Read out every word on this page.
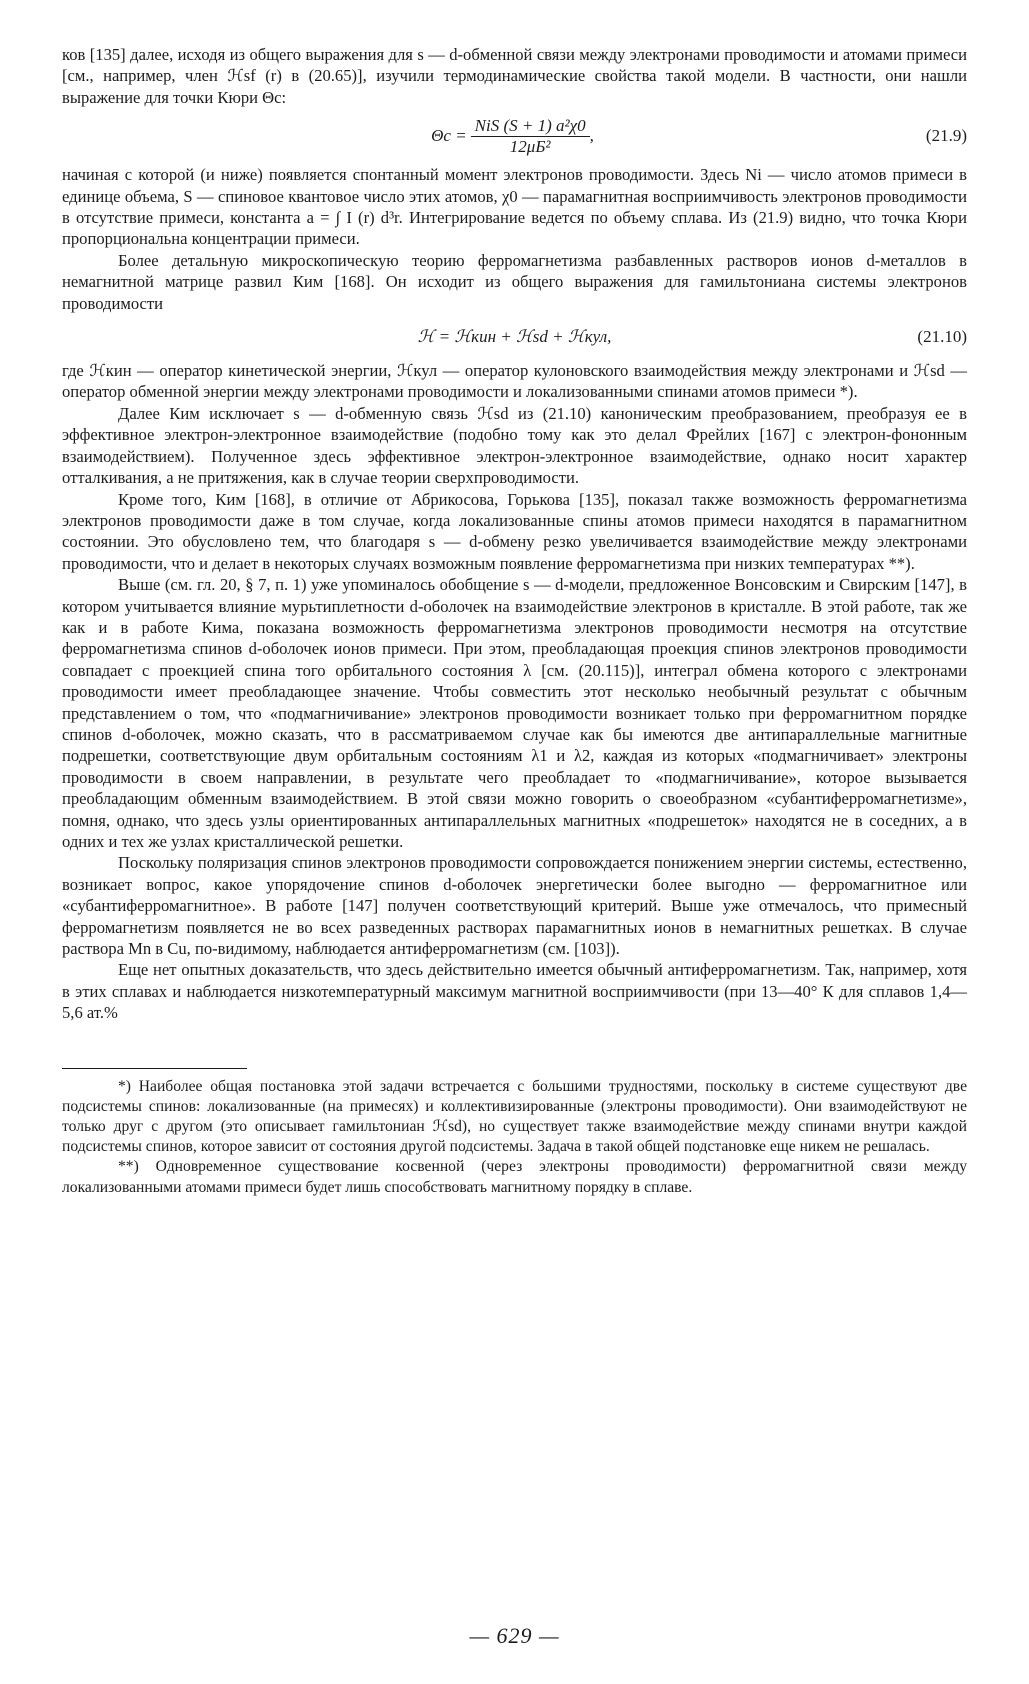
ков [135] далее, исходя из общего выражения для s — d-обменной связи между электронами проводимости и атомами примеси [см., например, член ℋsf (r) в (20.65)], изучили термодинамические свойства такой модели. В частности, они нашли выражение для точки Кюри Θc:

$\Theta c = \frac{\text{NiS (S + 1) a²χ0}}{\text{12μБ²}}$ ,	(21.9)

начиная с которой (и ниже) появляется спонтанный момент электронов проводимости. Здесь Ni — число атомов примеси в единице объема, S — спиновое квантовое число этих атомов, χ0 — парамагнитная восприимчивость электронов проводимости в отсутствие примеси, константа a = ∫ I (r) d³r. Интегрирование ведется по объему сплава. Из (21.9) видно, что точка Кюри пропорциональна концентрации примеси.

Более детальную микроскопическую теорию ферромагнетизма разбавленных растворов ионов d-металлов в немагнитной матрице развил Ким [168]. Он исходит из общего выражения для гамильтониана системы электронов проводимости

ℋ = ℋкин + ℋsd + ℋкул,	(21.10)

где ℋкин — оператор кинетической энергии, ℋкул — оператор кулоновского взаимодействия между электронами и ℋsd — оператор обменной энергии между электронами проводимости и локализованными спинами атомов примеси *).

Далее Ким исключает s — d-обменную связь ℋsd из (21.10) каноническим преобразованием, преобразуя ее в эффективное электрон-электронное взаимодействие (подобно тому как это делал Фрейлих [167] с электрон-фононным взаимодействием). Полученное здесь эффективное электрон-электронное взаимодействие, однако носит характер отталкивания, а не притяжения, как в случае теории сверхпроводимости.

Кроме того, Ким [168], в отличие от Абрикосова, Горькова [135], показал также возможность ферромагнетизма электронов проводимости даже в том случае, когда локализованные спины атомов примеси находятся в парамагнитном состоянии. Это обусловлено тем, что благодаря s — d-обмену резко увеличивается взаимодействие между электронами проводимости, что и делает в некоторых случаях возможным появление ферромагнетизма при низких температурах **).

Выше (см. гл. 20, § 7, п. 1) уже упоминалось обобщение s — d-модели, предложенное Вонсовским и Свирским [147], в котором учитывается влияние мурьтиплетности d-оболочек на взаимодействие электронов в кристалле. В этой работе, так же как и в работе Кима, показана возможность ферромагнетизма электронов проводимости несмотря на отсутствие ферромагнетизма спинов d-оболочек ионов примеси. При этом, преобладающая проекция спинов электронов проводимости совпадает с проекцией спина того орбитального состояния λ [см. (20.115)], интеграл обмена которого с электронами проводимости имеет преобладающее значение. Чтобы совместить этот несколько необычный результат с обычным представлением о том, что «подмагничивание» электронов проводимости возникает только при ферромагнитном порядке спинов d-оболочек, можно сказать, что в рассматриваемом случае как бы имеются две антипараллельные магнитные подрешетки, соответствующие двум орбитальным состояниям λ1 и λ2, каждая из которых «подмагничивает» электроны проводимости в своем направлении, в результате чего преобладает то «подмагничивание», которое вызывается преобладающим обменным взаимодействием. В этой связи можно говорить о своеобразном «субантиферромагнетизме», помня, однако, что здесь узлы ориентированных антипараллельных магнитных «подрешеток» находятся не в соседних, а в одних и тех же узлах кристаллической решетки.

Поскольку поляризация спинов электронов проводимости сопровождается понижением энергии системы, естественно, возникает вопрос, какое упорядочение спинов d-оболочек энергетически более выгодно — ферромагнитное или «субантиферромагнитное». В работе [147] получен соответствующий критерий. Выше уже отмечалось, что примесный ферромагнетизм появляется не во всех разведенных растворах парамагнитных ионов в немагнитных решетках. В случае раствора Mn в Cu, по-видимому, наблюдается антиферромагнетизм (см. [103]).

Еще нет опытных доказательств, что здесь действительно имеется обычный антиферромагнетизм. Так, например, хотя в этих сплавах и наблюдается низкотемпературный максимум магнитной восприимчивости (при 13—40° К для сплавов 1,4—5,6 ат.%

*) Наиболее общая постановка этой задачи встречается с большими трудностями, поскольку в системе существуют две подсистемы спинов: локализованные (на примесях) и коллективизированные (электроны проводимости). Они взаимодействуют не только друг с другом (это описывает гамильтониан ℋsd), но существует также взаимодействие между спинами внутри каждой подсистемы спинов, которое зависит от состояния другой подсистемы. Задача в такой общей подстановке еще никем не решалась.

**) Одновременное существование косвенной (через электроны проводимости) ферромагнитной связи между локализованными атомами примеси будет лишь способствовать магнитному порядку в сплаве.

— 629 —
